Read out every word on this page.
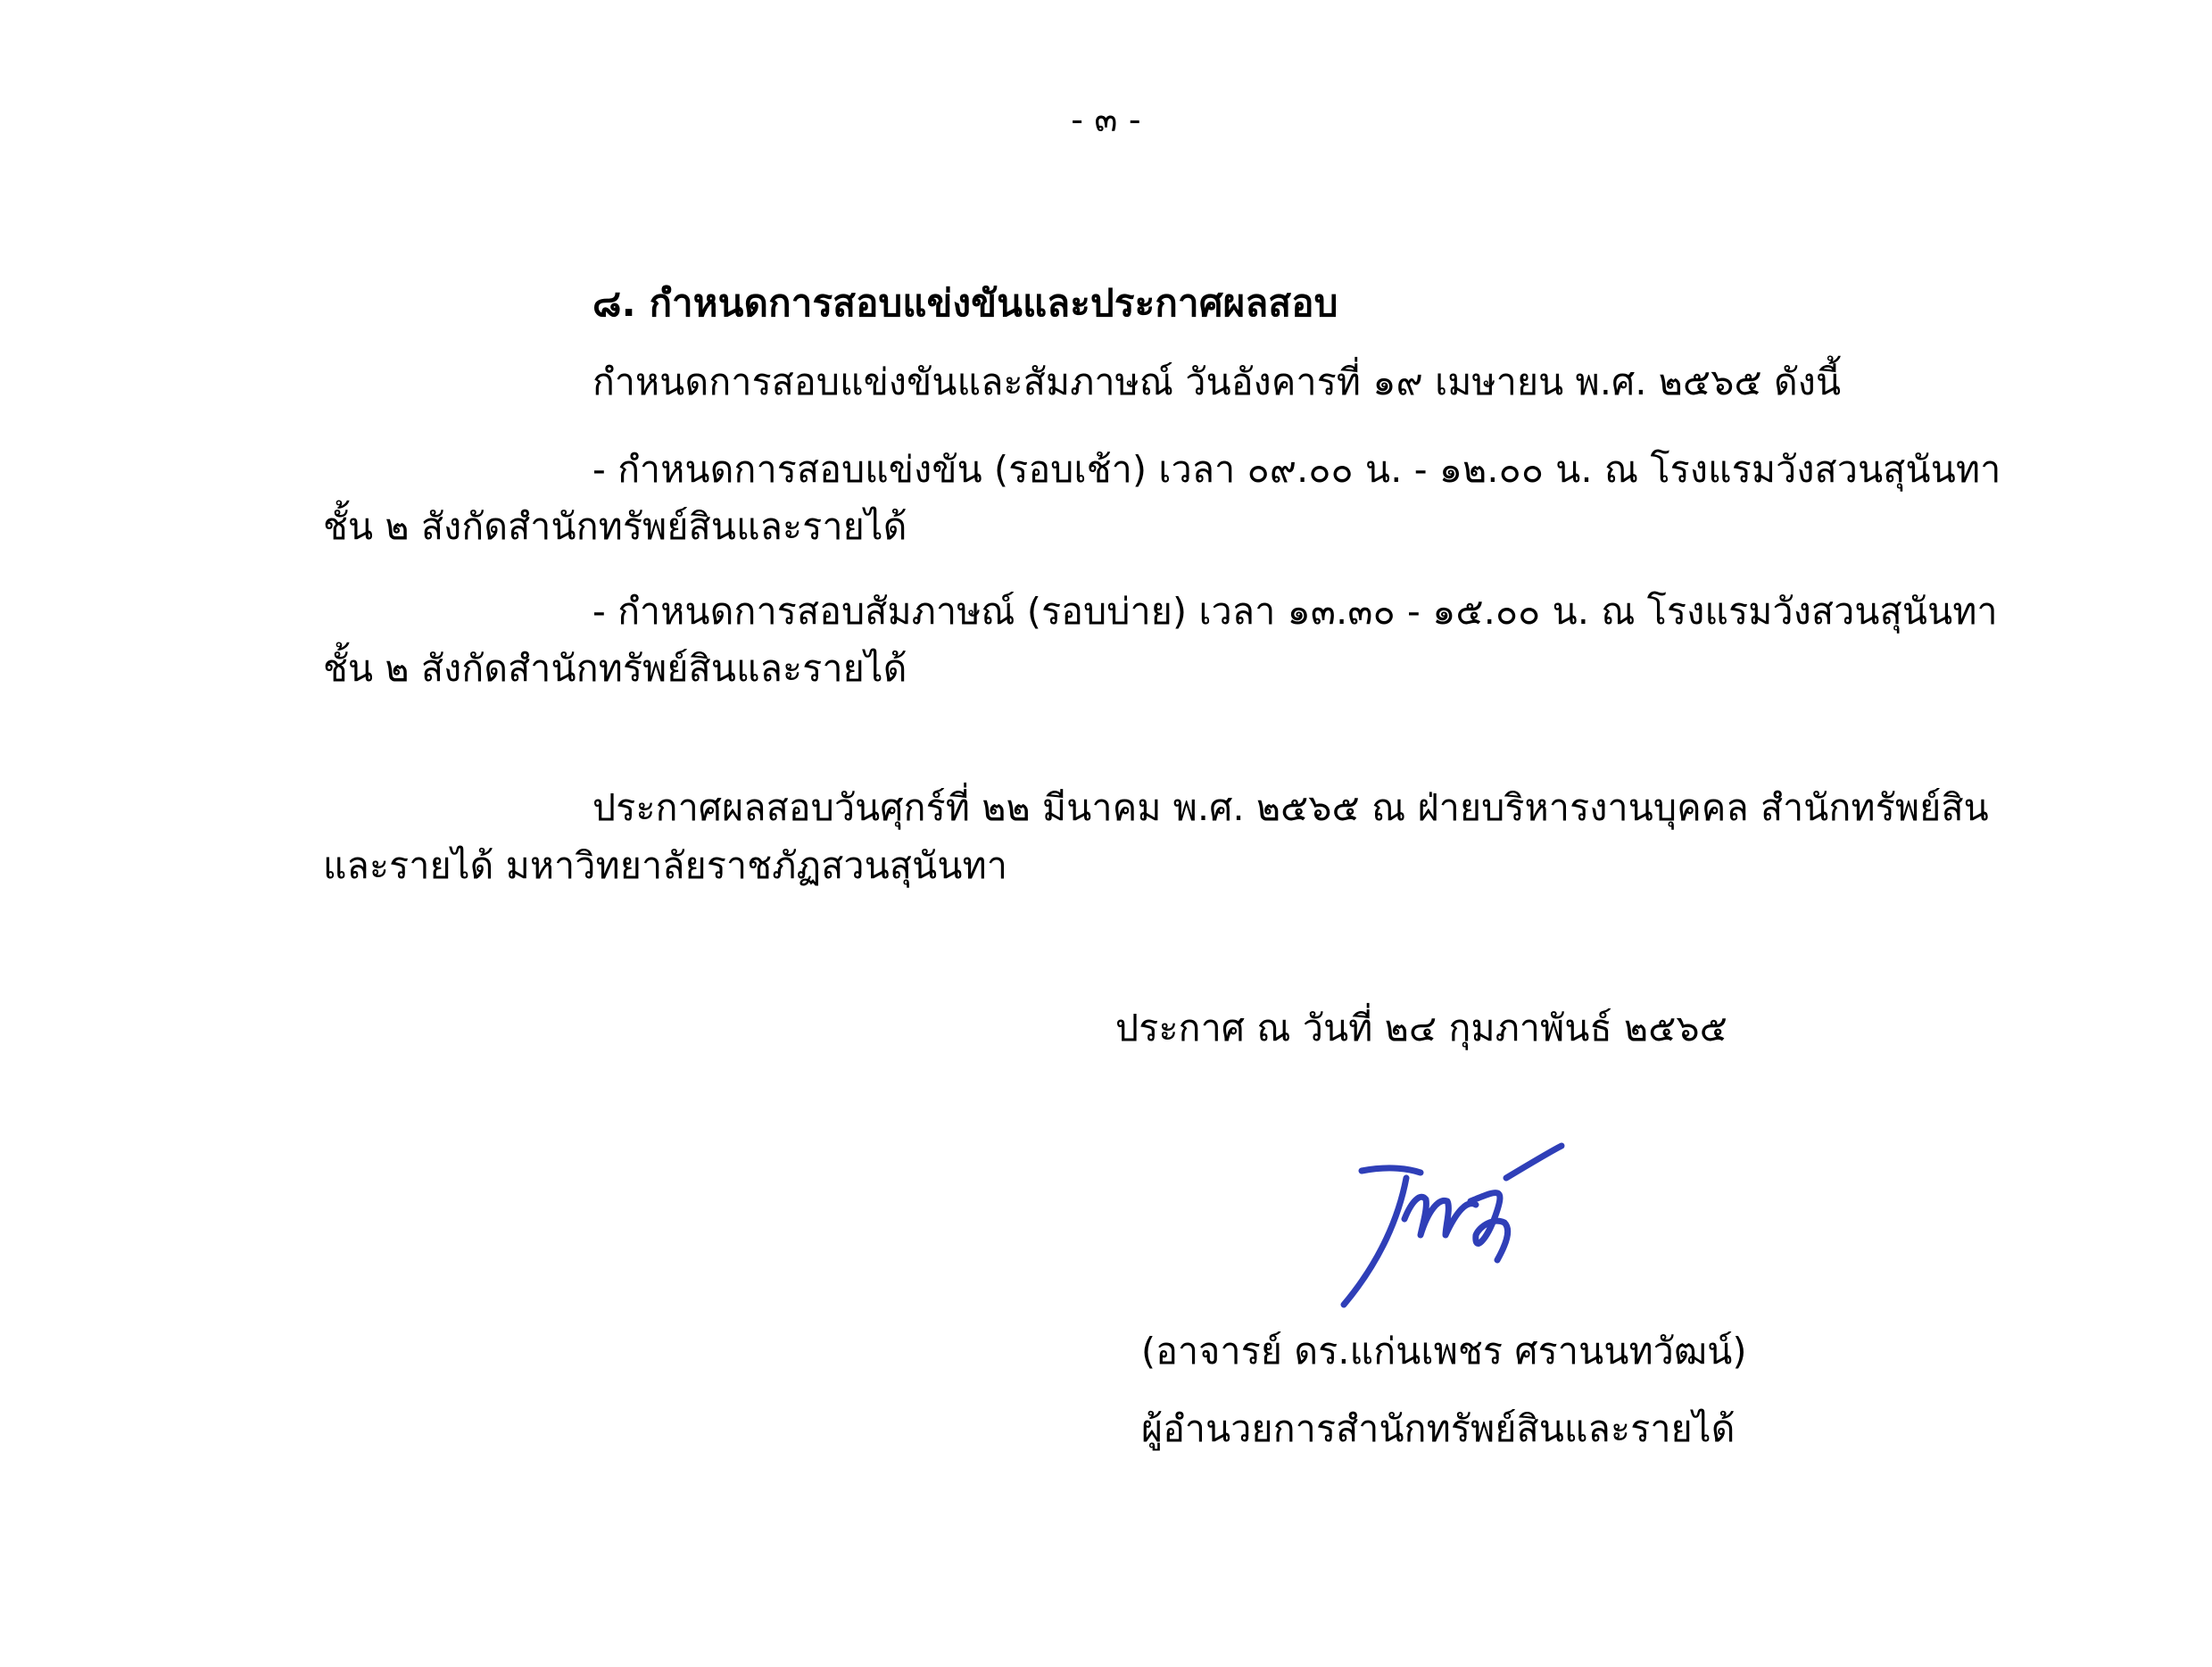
- ๓ -
๘. กำหนดการสอบแข่งขันและประกาศผลสอบ
กำหนดการสอบแข่งขันและสัมภาษณ์ วันอังคารที่ ๑๙ เมษายน พ.ศ. ๒๕๖๕ ดังนี้
- กำหนดการสอบแข่งขัน (รอบเช้า) เวลา ๐๙.๐๐ น. - ๑๒.๐๐ น. ณ โรงแรมวังสวนสุนันทา
ชั้น ๒ สังกัดสำนักทรัพย์สินและรายได้
- กำหนดการสอบสัมภาษณ์ (รอบบ่าย) เวลา ๑๓.๓๐ - ๑๕.๐๐ น. ณ โรงแรมวังสวนสุนันทา
ชั้น ๒ สังกัดสำนักทรัพย์สินและรายได้
ประกาศผลสอบวันศุกร์ที่ ๒๒ มีนาคม พ.ศ. ๒๕๖๕ ณ ฝ่ายบริหารงานบุคคล สำนักทรัพย์สิน
และรายได้ มหาวิทยาลัยราชภัฏสวนสุนันทา
ประกาศ ณ วันที่ ๒๔ กุมภาพันธ์ ๒๕๖๕
(อาจารย์ ดร.แก่นเพชร ศรานนทวัฒน์)
ผู้อำนวยการสำนักทรัพย์สินและรายได้
